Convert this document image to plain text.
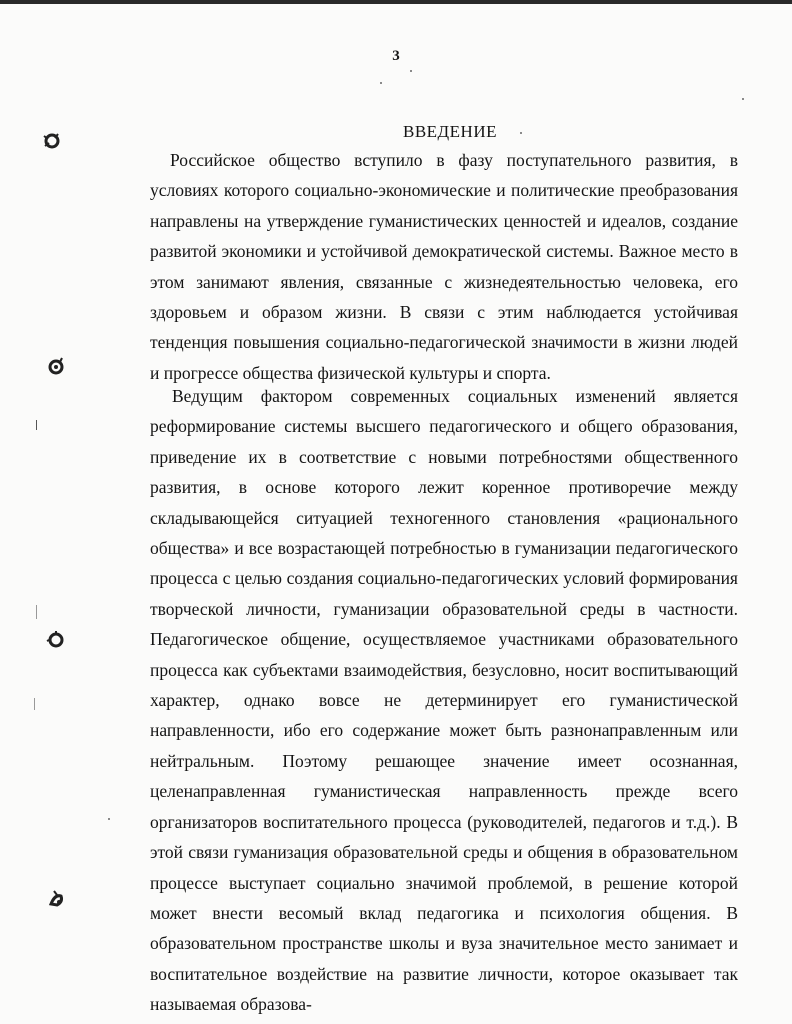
3
ВВЕДЕНИЕ

Российское общество вступило в фазу поступательного развития, в условиях которого социально-экономические и политические преобразования направлены на утверждение гуманистических ценностей и идеалов, создание развитой экономики и устойчивой демократической системы. Важное место в этом занимают явления, связанные с жизнедеятельностью человека, его здоровьем и образом жизни. В связи с этим наблюдается устойчивая тенденция повышения социально-педагогической значимости в жизни людей и прогрессе общества физической культуры и спорта.

Ведущим фактором современных социальных изменений является реформирование системы высшего педагогического и общего образования, приведение их в соответствие с новыми потребностями общественного развития, в основе которого лежит коренное противоречие между складывающейся ситуацией техногенного становления «рационального общества» и все возрастающей потребностью в гуманизации педагогического процесса с целью создания социально-педагогических условий формирования творческой личности, гуманизации образовательной среды в частности. Педагогическое общение, осуществляемое участниками образовательного процесса как субъектами взаимодействия, безусловно, носит воспитывающий характер, однако вовсе не детерминирует его гуманистической направленности, ибо его содержание может быть разнонаправленным или нейтральным. Поэтому решающее значение имеет осознанная, целенаправленная гуманистическая направленность прежде всего организаторов воспитательного процесса (руководителей, педагогов и т.д.). В этой связи гуманизация образовательной среды и общения в образовательном процессе выступает социально значимой проблемой, в решение которой может внести весомый вклад педагогика и психология общения. В образовательном пространстве школы и вуза значительное место занимает и воспитательное воздействие на развитие личности, которое оказывает так называемая образова-
